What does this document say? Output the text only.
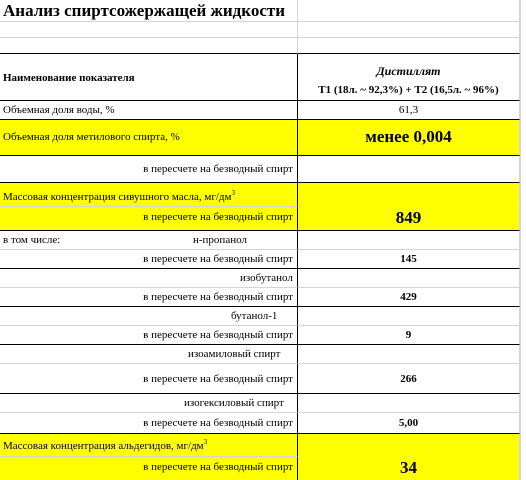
Анализ спиртсожержащей жидкости
Наименование показателя	Дистиллят
Т1 (18л. ~ 92,3%) + Т2 (16,5л. ~ 96%)
Объемная доля воды, %	61,3
Объемная доля метилового спирта, %	менее 0,004
в пересчете на безводный спирт
Массовая концентрация сивушного масла, $мг/дм^3$
в пересчете на безводный спирт	849
в том числе:	н-пропанол
в пересчете на безводный спирт	145
изобутанол
в пересчете на безводный спирт	429
бутанол-1
в пересчете на безводный спирт	9
изоамиловый спирт
в пересчете на безводный спирт	266
изогексиловый спирт
в пересчете на безводный спирт	5,00
Массовая концентрация альдегидов, $мг/дм^3$
в пересчете на безводный спирт	34
